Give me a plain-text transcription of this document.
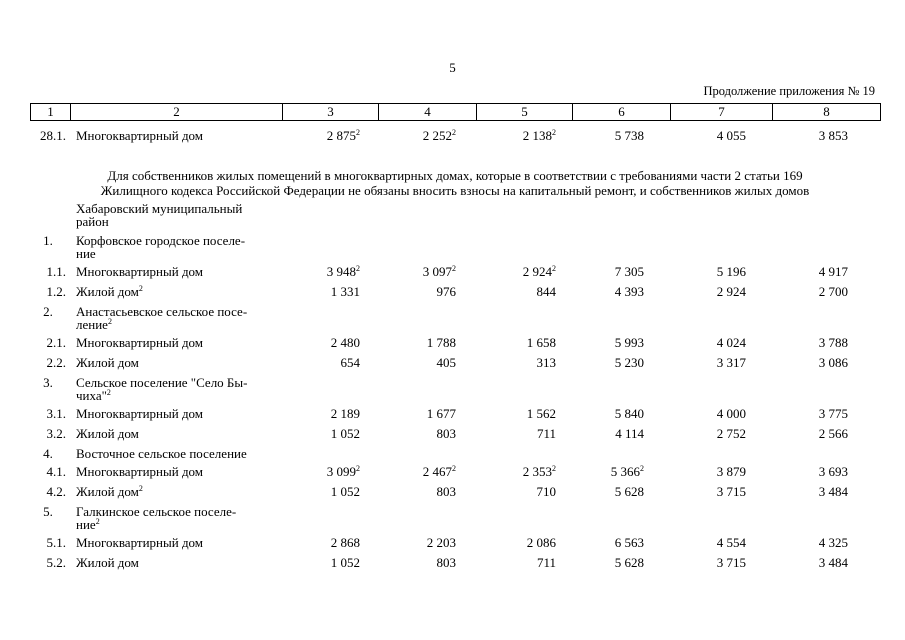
5
Продолжение приложения № 19
1	2	3	4	5	6	7	8
28.1. Многоквартирный дом	2 $875^2$	2 $252^2$	2 $138^2$	5 738	4 055	3 853
Для собственников жилых помещений в многоквартирных домах, которые в соответствии с требованиями части 2 статьи 169
Жилищного кодекса Российской Федерации не обязаны вносить взносы на капитальный ремонт, и собственников жилых домов
Хабаровский муниципальный
район
1.	Корфовское городское поселе-
ние
1.1. Многоквартирный дом	3 $948^2$	3 $097^2$	2 $924^2$	7 305	5 196	4 917
1.2. Жилой дом$^2$	1 331	976	844	4 393	2 924	2 700
2.	Анастасьевское сельское посе-
ление$^2$
2.1. Многоквартирный дом	2 480	1 788	1 658	5 993	4 024	3 788
2.2. Жилой дом	654	405	313	5 230	3 317	3 086
3.	Сельское поселение "Село Бы-
чиха"$^2$
3.1. Многоквартирный дом	2 189	1 677	1 562	5 840	4 000	3 775
3.2. Жилой дом	1 052	803	711	4 114	2 752	2 566
4.	Восточное сельское поселение
4.1. Многоквартирный дом	3 $099^2$	2 $467^2$	2 $353^2$	5 $366^2$	3 879	3 693
4.2. Жилой дом$^2$	1 052	803	710	5 628	3 715	3 484
5.	Галкинское сельское поселе-
ние$^2$
5.1. Многоквартирный дом	2 868	2 203	2 086	6 563	4 554	4 325
5.2. Жилой дом	1 052	803	711	5 628	3 715	3 484
